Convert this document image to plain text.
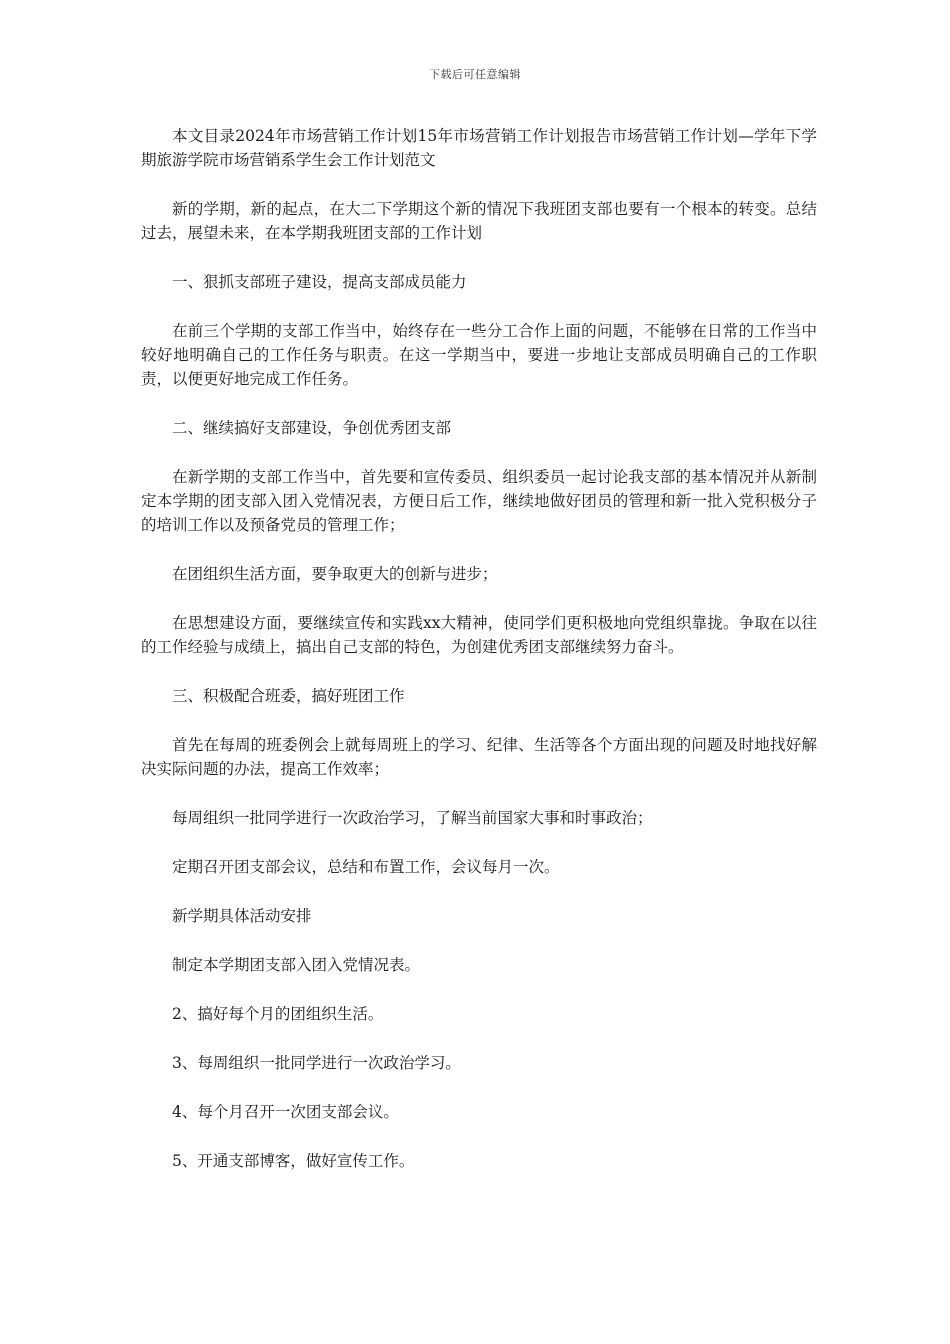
下载后可任意编辑

本文目录2024年市场营销工作计划15年市场营销工作计划报告市场营销工作计划—学年下学期旅游学院市场营销系学生会工作计划范文

新的学期，新的起点，在大二下学期这个新的情况下我班团支部也要有一个根本的转变。总结过去，展望未来，在本学期我班团支部的工作计划

一、狠抓支部班子建设，提高支部成员能力

在前三个学期的支部工作当中，始终存在一些分工合作上面的问题，不能够在日常的工作当中较好地明确自己的工作任务与职责。在这一学期当中，要进一步地让支部成员明确自己的工作职责，以便更好地完成工作任务。

二、继续搞好支部建设，争创优秀团支部

在新学期的支部工作当中，首先要和宣传委员、组织委员一起讨论我支部的基本情况并从新制定本学期的团支部入团入党情况表，方便日后工作，继续地做好团员的管理和新一批入党积极分子的培训工作以及预备党员的管理工作；

在团组织生活方面，要争取更大的创新与进步；

在思想建设方面，要继续宣传和实践xx大精神，使同学们更积极地向党组织靠拢。争取在以往的工作经验与成绩上，搞出自己支部的特色，为创建优秀团支部继续努力奋斗。

三、积极配合班委，搞好班团工作

首先在每周的班委例会上就每周班上的学习、纪律、生活等各个方面出现的问题及时地找好解决实际问题的办法，提高工作效率；

每周组织一批同学进行一次政治学习，了解当前国家大事和时事政治；

定期召开团支部会议，总结和布置工作，会议每月一次。

新学期具体活动安排

制定本学期团支部入团入党情况表。

2、搞好每个月的团组织生活。

3、每周组织一批同学进行一次政治学习。

4、每个月召开一次团支部会议。

5、开通支部博客，做好宣传工作。
